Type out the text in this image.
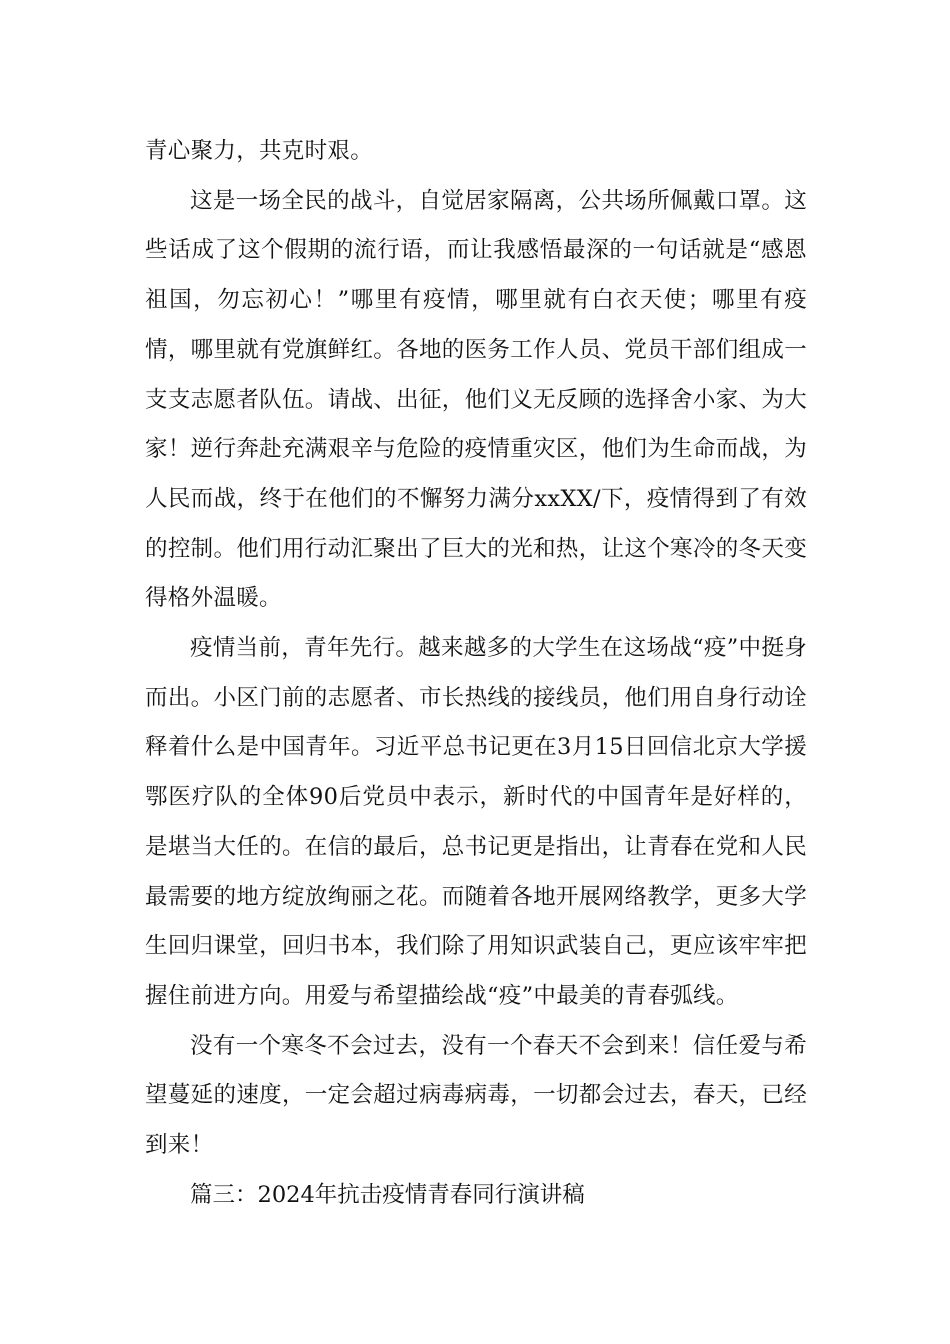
青心聚力，共克时艰。

这是一场全民的战斗，自觉居家隔离，公共场所佩戴口罩。这些话成了这个假期的流行语，而让我感悟最深的一句话就是“感恩祖国，勿忘初心！”哪里有疫情，哪里就有白衣天使；哪里有疫情，哪里就有党旗鲜红。各地的医务工作人员、党员干部们组成一支支志愿者队伍。请战、出征，他们义无反顾的选择舍小家、为大家！逆行奔赴充满艰辛与危险的疫情重灾区，他们为生命而战，为人民而战，终于在他们的不懈努力满分xxXX/下，疫情得到了有效的控制。他们用行动汇聚出了巨大的光和热，让这个寒冷的冬天变得格外温暖。

疫情当前，青年先行。越来越多的大学生在这场战“疫”中挺身而出。小区门前的志愿者、市长热线的接线员，他们用自身行动诠释着什么是中国青年。习近平总书记更在3月15日回信北京大学援鄂医疗队的全体90后党员中表示，新时代的中国青年是好样的，是堪当大任的。在信的最后，总书记更是指出，让青春在党和人民最需要的地方绽放绚丽之花。而随着各地开展网络教学，更多大学生回归课堂，回归书本，我们除了用知识武装自己，更应该牢牢把握住前进方向。用爱与希望描绘战“疫”中最美的青春弧线。

没有一个寒冬不会过去，没有一个春天不会到来！信任爱与希望蔓延的速度，一定会超过病毒病毒，一切都会过去，春天，已经到来！

篇三：2024年抗击疫情青春同行演讲稿
